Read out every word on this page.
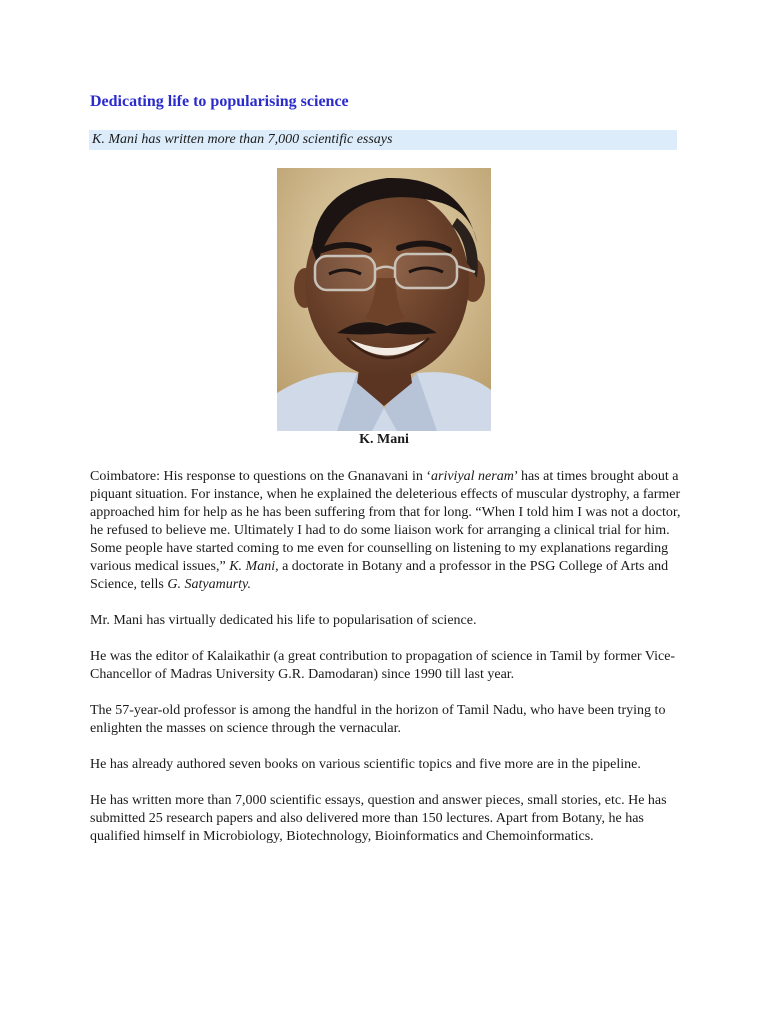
Dedicating life to popularising science
K. Mani has written more than 7,000 scientific essays
K. Mani

Coimbatore: His response to questions on the Gnanavani in ‘ariviyal neram’ has at times brought about a piquant situation. For instance, when he explained the deleterious effects of muscular dystrophy, a farmer approached him for help as he has been suffering from that for long. “When I told him I was not a doctor, he refused to believe me. Ultimately I had to do some liaison work for arranging a clinical trial for him. Some people have started coming to me even for counselling on listening to my explanations regarding various medical issues,” K. Mani, a doctorate in Botany and a professor in the PSG College of Arts and Science, tells G. Satyamurty.

Mr. Mani has virtually dedicated his life to popularisation of science.

He was the editor of Kalaikathir (a great contribution to propagation of science in Tamil by former Vice-Chancellor of Madras University G.R. Damodaran) since 1990 till last year.

The 57-year-old professor is among the handful in the horizon of Tamil Nadu, who have been trying to enlighten the masses on science through the vernacular.

He has already authored seven books on various scientific topics and five more are in the pipeline.

He has written more than 7,000 scientific essays, question and answer pieces, small stories, etc. He has submitted 25 research papers and also delivered more than 150 lectures. Apart from Botany, he has qualified himself in Microbiology, Biotechnology, Bioinformatics and Chemoinformatics.
